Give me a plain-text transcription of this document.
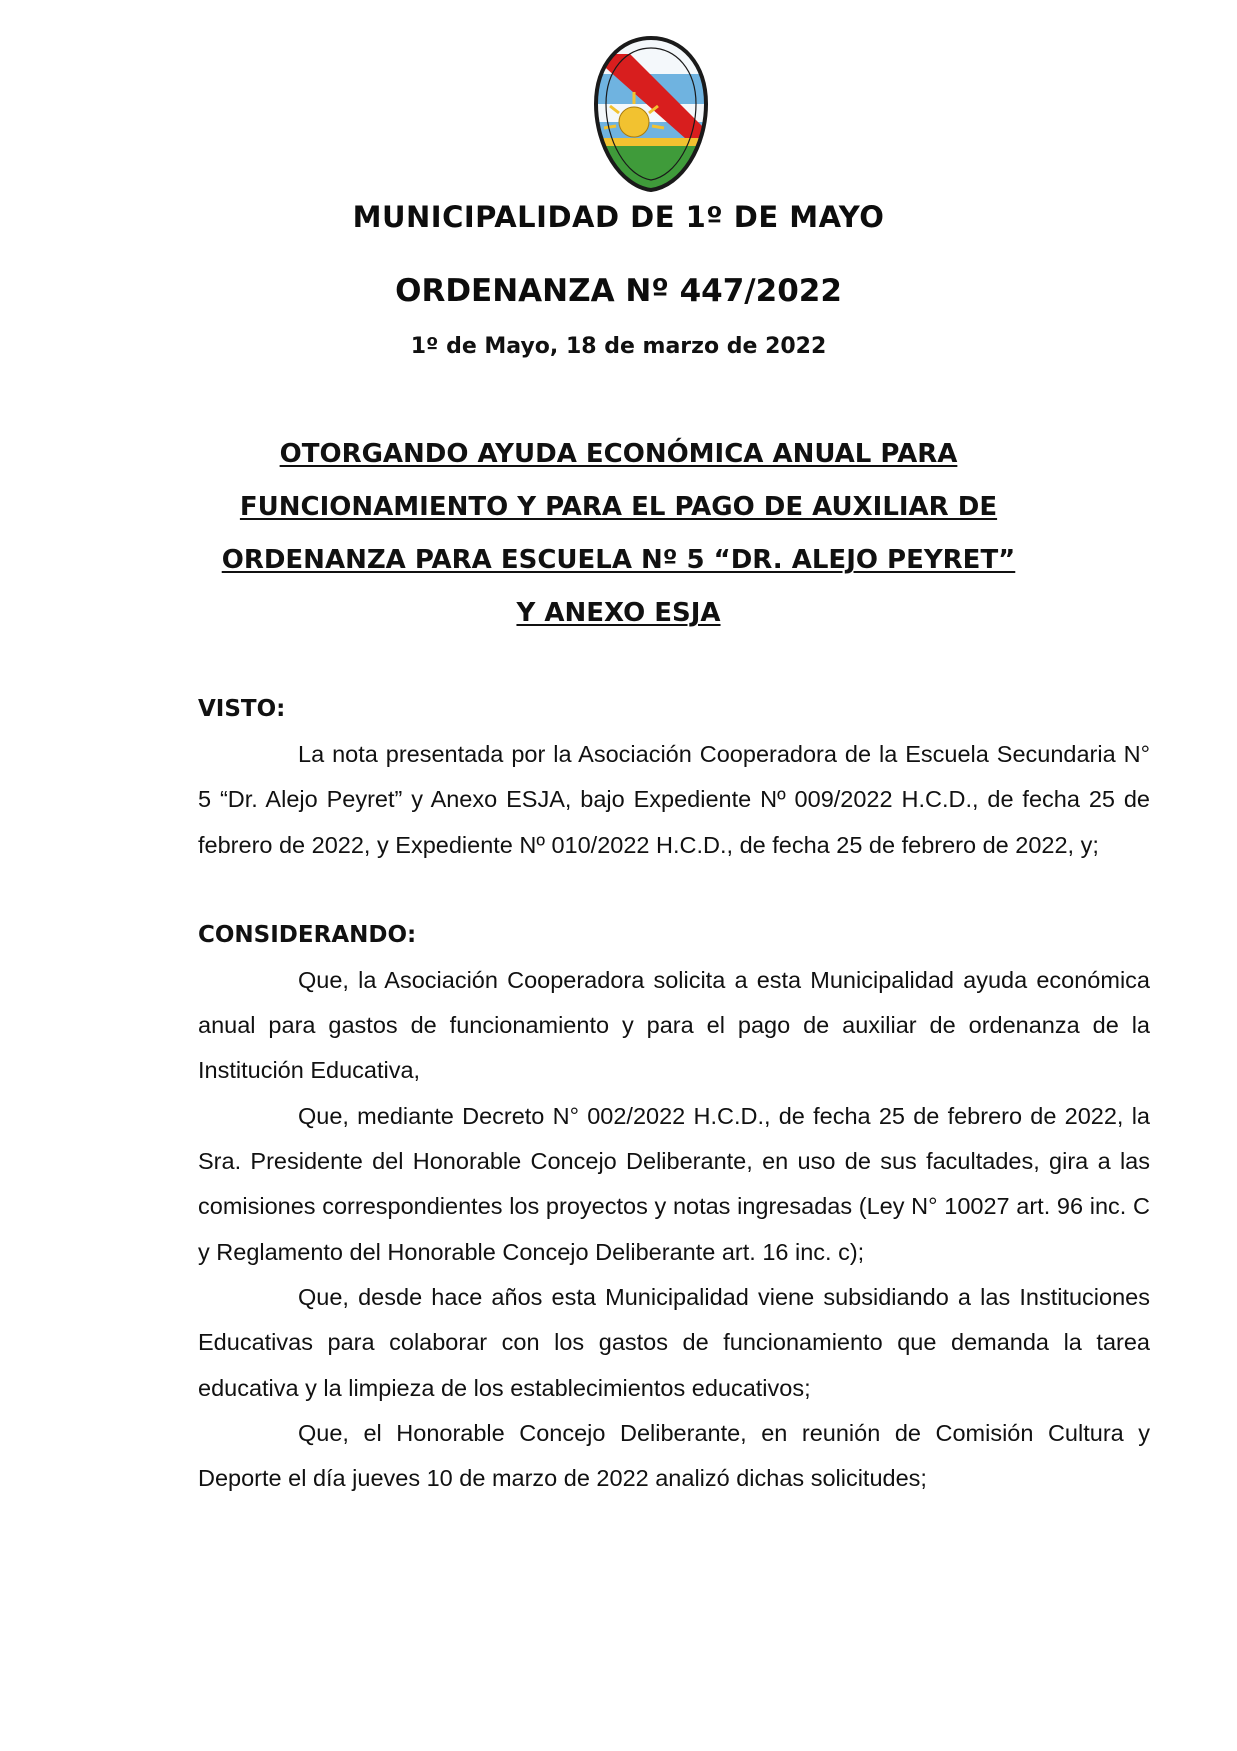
MUNICIPALIDAD DE 1º DE MAYO
ORDENANZA Nº 447/2022
1º de Mayo, 18 de marzo de 2022
OTORGANDO AYUDA ECONÓMICA ANUAL PARA
FUNCIONAMIENTO Y PARA EL PAGO DE AUXILIAR DE
ORDENANZA PARA ESCUELA Nº 5 “DR. ALEJO PEYRET”
Y ANEXO ESJA
VISTO:

La nota presentada por la Asociación Cooperadora de la Escuela Secundaria N° 5 “Dr. Alejo Peyret” y Anexo ESJA, bajo Expediente Nº 009/2022 H.C.D., de fecha 25 de febrero de 2022, y Expediente Nº 010/2022 H.C.D., de fecha 25 de febrero de 2022, y;

CONSIDERANDO:

Que, la Asociación Cooperadora solicita a esta Municipalidad ayuda económica anual para gastos de funcionamiento y para el pago de auxiliar de ordenanza de la Institución Educativa,

Que, mediante Decreto N° 002/2022 H.C.D., de fecha 25 de febrero de 2022, la Sra. Presidente del Honorable Concejo Deliberante, en uso de sus facultades, gira a las comisiones correspondientes los proyectos y notas ingresadas (Ley N° 10027 art. 96 inc. C y Reglamento del Honorable Concejo Deliberante art. 16 inc. c);

Que, desde hace años esta Municipalidad viene subsidiando a las Instituciones Educativas para colaborar con los gastos de funcionamiento que demanda la tarea educativa y la limpieza de los establecimientos educativos;

Que, el Honorable Concejo Deliberante, en reunión de Comisión Cultura y Deporte el día jueves 10 de marzo de 2022 analizó dichas solicitudes;
